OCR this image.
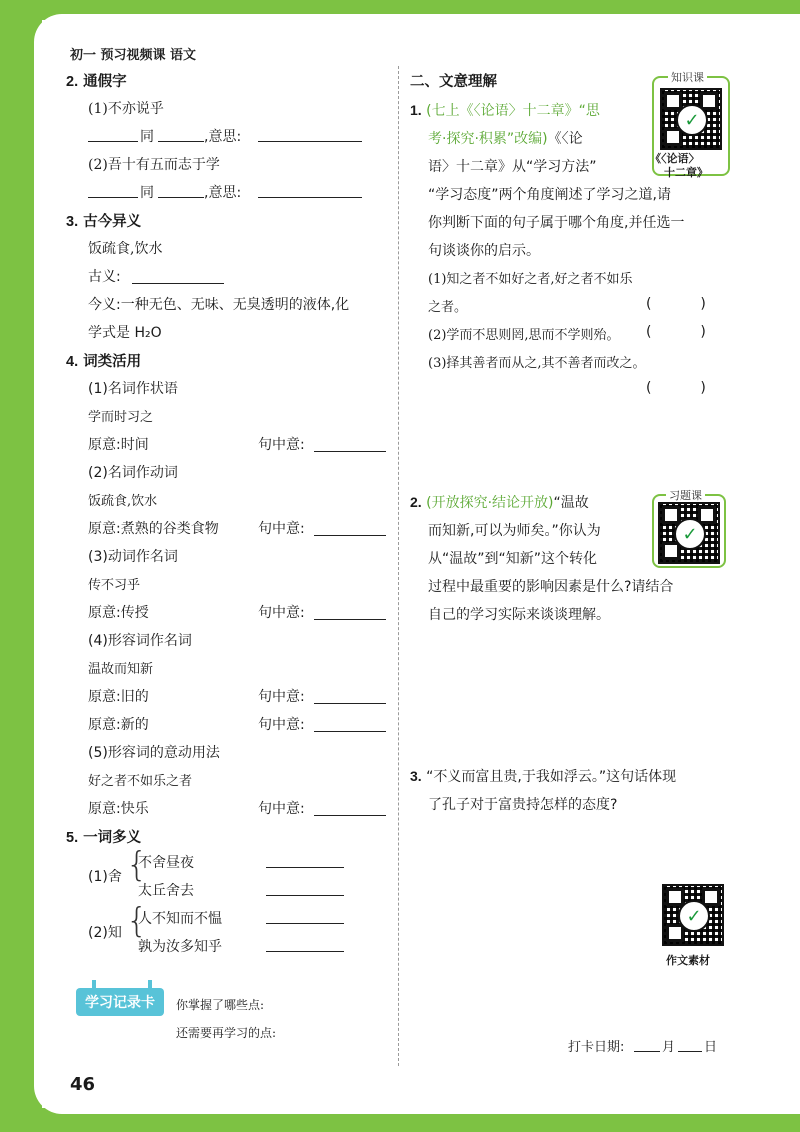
初一 预习视频课 语文
2. 通假字
(1)不亦说乎
同	,意思:
(2)吾十有五而志于学
同	,意思:
3. 古今异义
饭疏食,饮水
古义:
今义:一种无色、无味、无臭透明的液体,化
学式是 H₂O
4. 词类活用
(1)名词作状语
学而时习之
原意:时间	句中意:
(2)名词作动词
饭疏食,饮水
原意:煮熟的谷类食物	句中意:
(3)动词作名词
传不习乎
原意:传授	句中意:
(4)形容词作名词
温故而知新
原意:旧的	句中意:
原意:新的	句中意:
(5)形容词的意动用法
好之者不如乐之者
原意:快乐	句中意:
5. 一词多义
(1)舍 {
不舍昼夜
太丘舍去
(2)知 {
人不知而不愠
孰为汝多知乎
二、文意理解	知识课
✓
《〈论语〉
十二章》
1. (七上《〈论语〉十二章》“思
考·探究·积累”改编)《〈论
语〉十二章》从“学习方法”
“学习态度”两个角度阐述了学习之道,请
你判断下面的句子属于哪个角度,并任选一
句谈谈你的启示。
(1)知之者不如好之者,好之者不如乐
之者。	(           )
(2)学而不思则罔,思而不学则殆。 (           )
(3)择其善者而从之,其不善者而改之。
(           )
习题课
✓
2. (开放探究·结论开放)“温故
而知新,可以为师矣。”你认为
从“温故”到“知新”这个转化
过程中最重要的影响因素是什么?请结合
自己的学习实际来谈谈理解。
3. “不义而富且贵,于我如浮云。”这句话体现
了孔子对于富贵持怎样的态度?
✓
作文素材
学习记录卡	你掌握了哪些点:
还需要再学习的点:
打卡日期:	月 日
46
